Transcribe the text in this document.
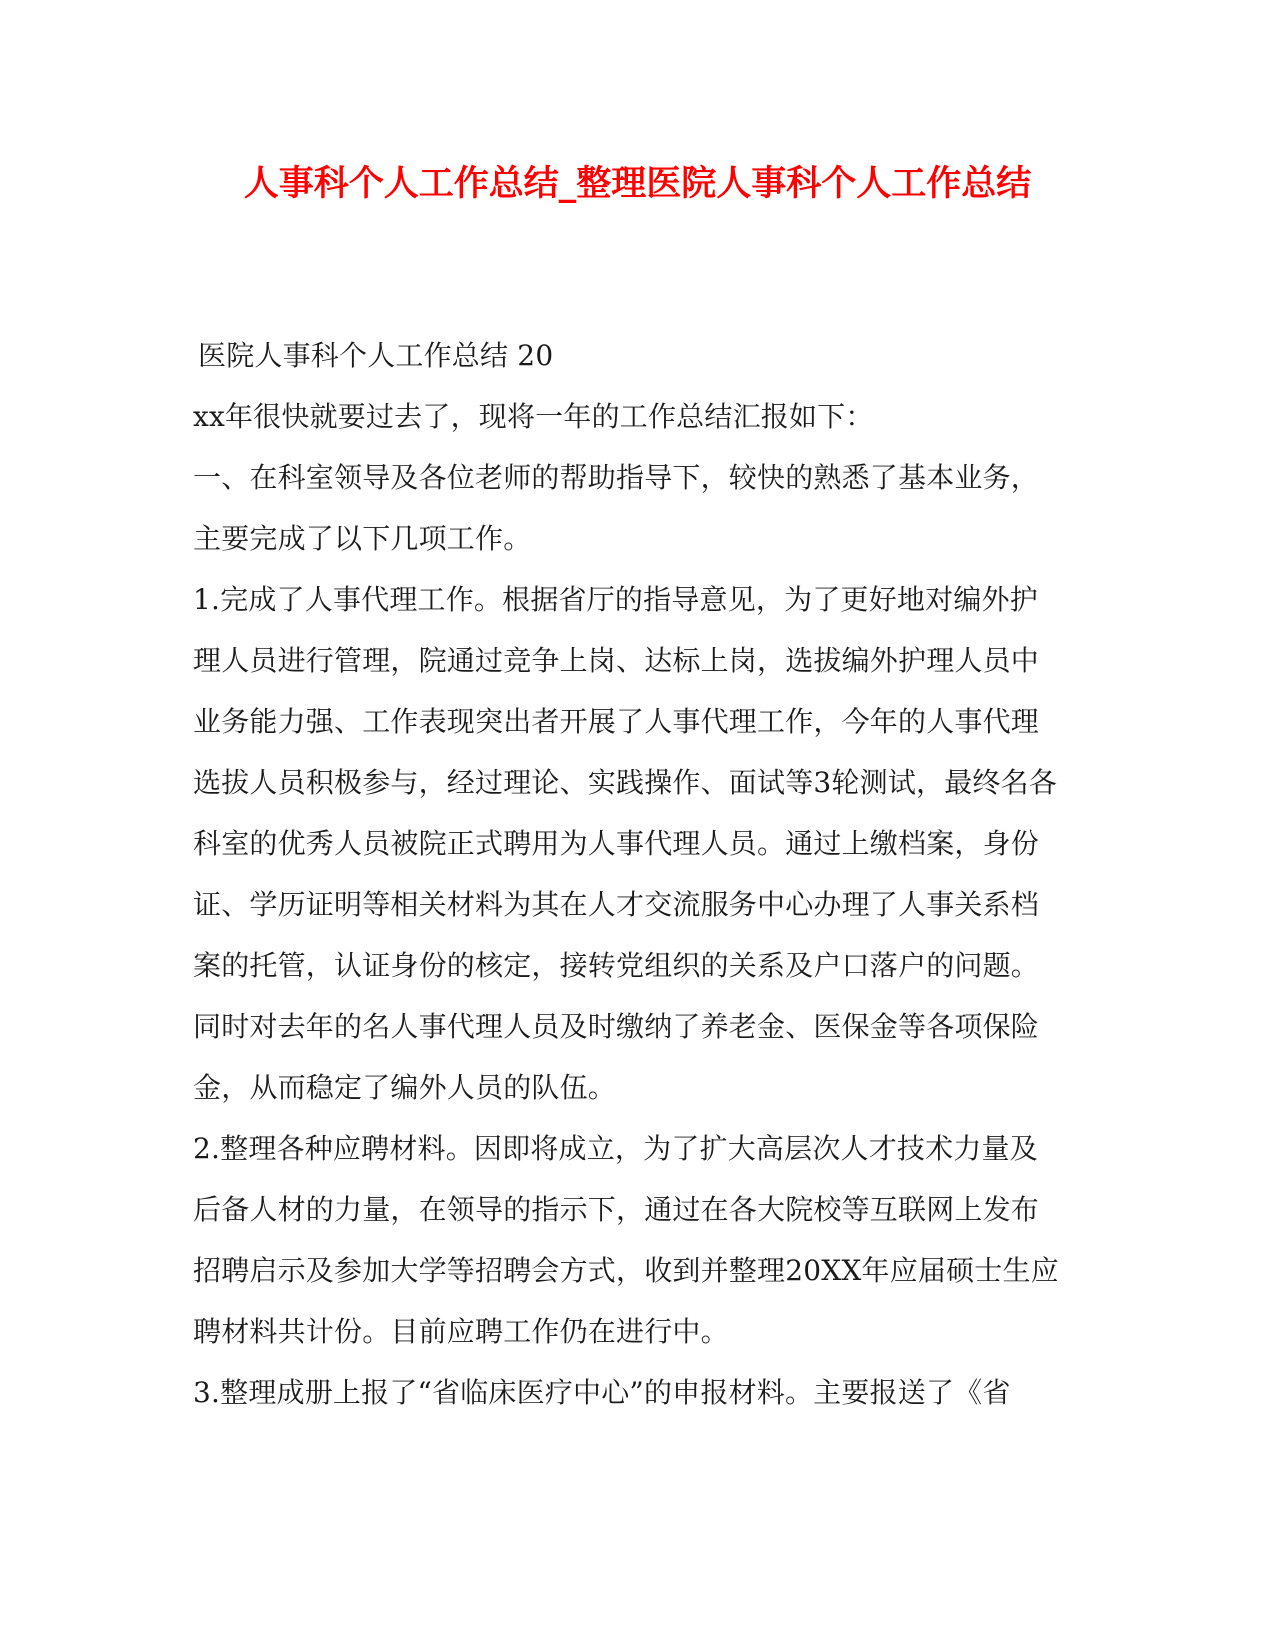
人事科个人工作总结_整理医院人事科个人工作总结
医院人事科个人工作总结 20
xx年很快就要过去了，现将一年的工作总结汇报如下：
一、在科室领导及各位老师的帮助指导下，较快的熟悉了基本业务，
主要完成了以下几项工作。
1.完成了人事代理工作。根据省厅的指导意见，为了更好地对编外护
理人员进行管理，院通过竞争上岗、达标上岗，选拔编外护理人员中
业务能力强、工作表现突出者开展了人事代理工作，今年的人事代理
选拔人员积极参与，经过理论、实践操作、面试等3轮测试，最终名各
科室的优秀人员被院正式聘用为人事代理人员。通过上缴档案，身份
证、学历证明等相关材料为其在人才交流服务中心办理了人事关系档
案的托管，认证身份的核定，接转党组织的关系及户口落户的问题。
同时对去年的名人事代理人员及时缴纳了养老金、医保金等各项保险
金，从而稳定了编外人员的队伍。
2.整理各种应聘材料。因即将成立，为了扩大高层次人才技术力量及
后备人材的力量，在领导的指示下，通过在各大院校等互联网上发布
招聘启示及参加大学等招聘会方式，收到并整理20XX年应届硕士生应
聘材料共计份。目前应聘工作仍在进行中。
3.整理成册上报了“省临床医疗中心”的申报材料。主要报送了《省
